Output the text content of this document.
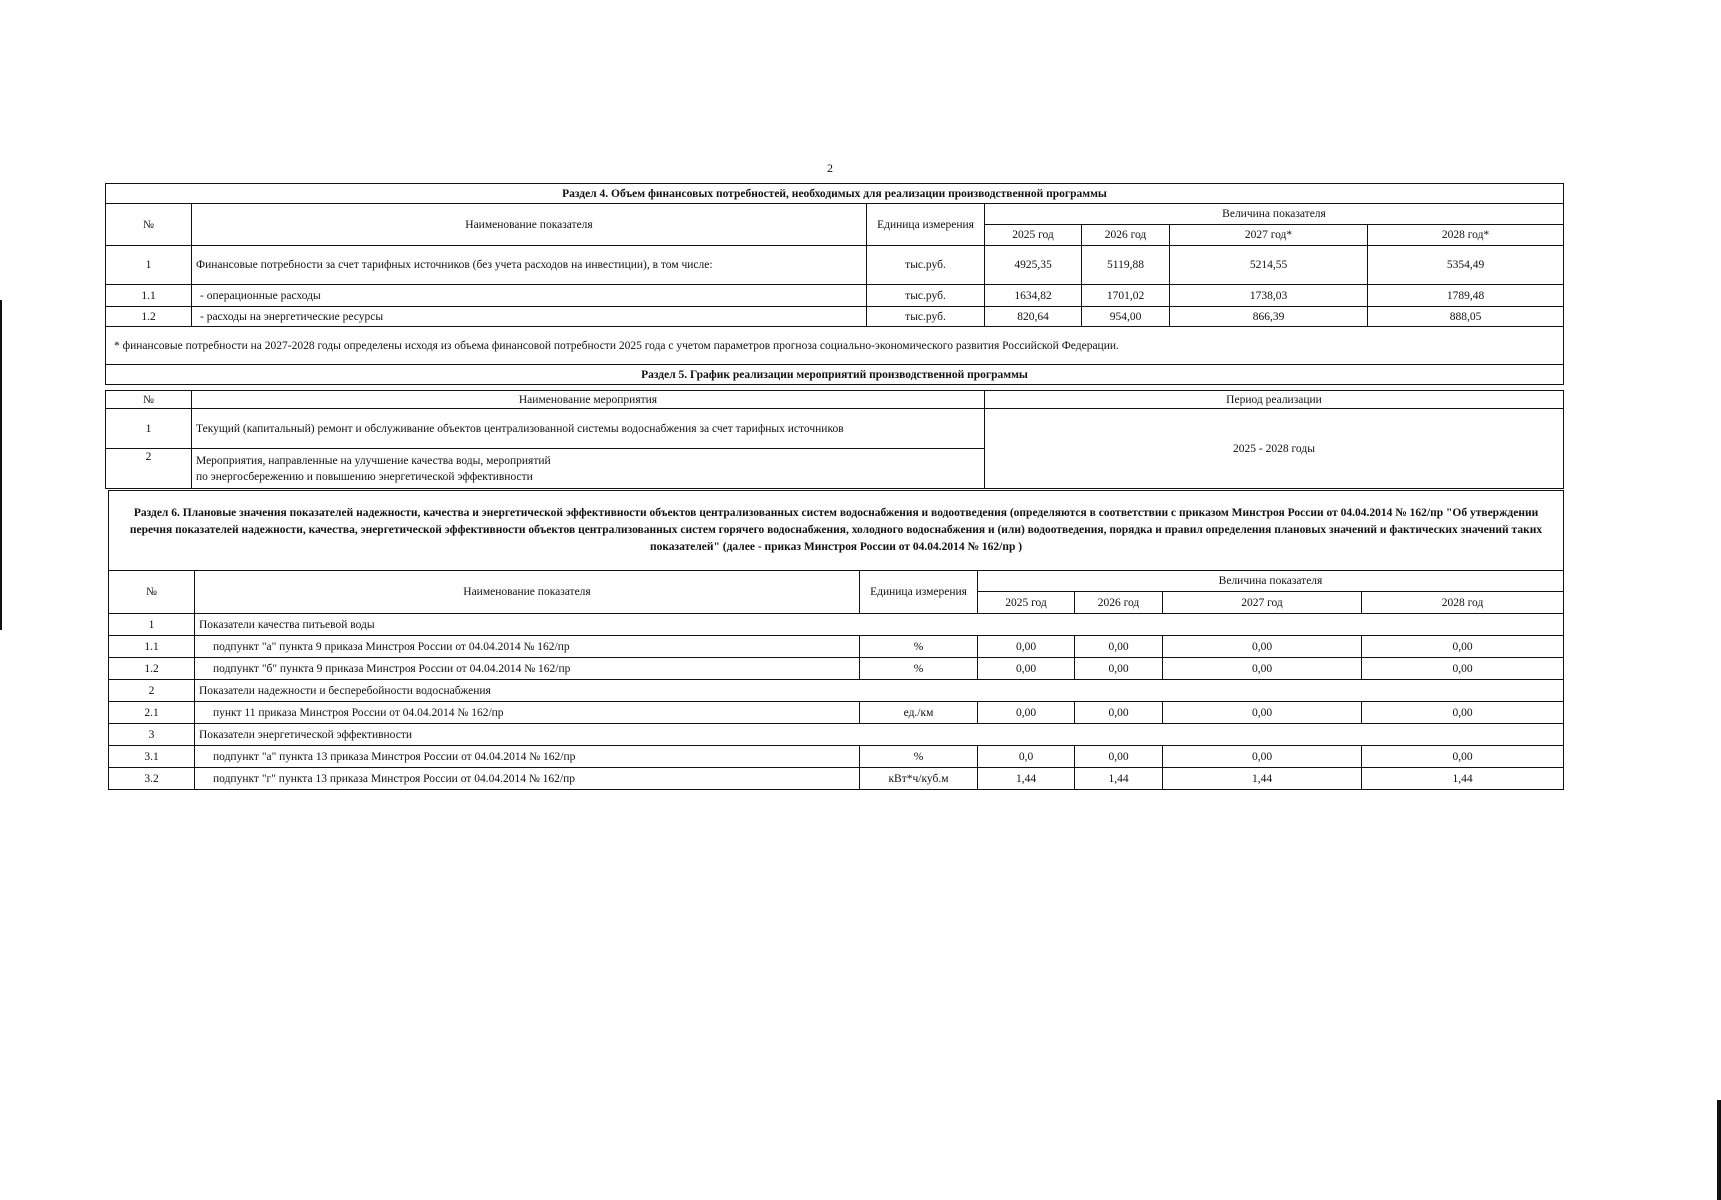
2
Раздел 4. Объем финансовых потребностей, необходимых для реализации производственной программы						
№	Наименование показателя	Единица измерения	Величина показателя			
			2025 год	2026 год	2027 год*	2028 год*
1	Финансовые потребности за счет тарифных источников (без учета расходов на инвестиции), в том числе:	тыс.руб.	4925,35	5119,88	5214,55	5354,49
1.1	- операционные расходы	тыс.руб.	1634,82	1701,02	1738,03	1789,48
1.2	- расходы на энергетические ресурсы	тыс.руб.	820,64	954,00	866,39	888,05
* финансовые потребности на 2027-2028 годы определены исходя из объема финансовой потребности 2025 года с учетом параметров прогноза социально-экономического развития Российской Федерации.						
Раздел 5. График реализации мероприятий производственной программы						
№	Наименование мероприятия	Период реализации
1	Текущий (капитальный) ремонт и обслуживание объектов централизованной системы водоснабжения за счет тарифных источников	2025 - 2028 годы
2	Мероприятия, направленные на улучшение качества воды, мероприятий
по энергосбережению и повышению энергетической эффективности	
Раздел 6. Плановые значения показателей надежности, качества и энергетической эффективности объектов централизованных систем водоснабжения и водоотведения (определяются в соответствии с приказом Минстроя России от 04.04.2014 № 162/пр "Об утверждении перечня показателей надежности, качества, энергетической эффективности объектов централизованных систем горячего водоснабжения, холодного водоснабжения и (или) водоотведения, порядка и правил определения плановых значений и фактических значений таких показателей" (далее - приказ Минстроя России от 04.04.2014 № 162/пр )						
№	Наименование показателя	Единица измерения	Величина показателя			
			2025 год	2026 год	2027 год	2028 год
1	Показатели качества питьевой воды					
1.1	подпункт "а" пункта 9 приказа Минстроя России от 04.04.2014 № 162/пр	%	0,00	0,00	0,00	0,00
1.2	подпункт "б" пункта 9 приказа Минстроя России от 04.04.2014 № 162/пр	%	0,00	0,00	0,00	0,00
2	Показатели надежности и бесперебойности водоснабжения					
2.1	пункт 11 приказа Минстроя России от 04.04.2014 № 162/пр	ед./км	0,00	0,00	0,00	0,00
3	Показатели энергетической эффективности					
3.1	подпункт "а" пункта 13 приказа Минстроя России от 04.04.2014 № 162/пр	%	0,0	0,00	0,00	0,00
3.2	подпункт "г" пункта 13 приказа Минстроя России от 04.04.2014 № 162/пр	кВт*ч/куб.м	1,44	1,44	1,44	1,44
